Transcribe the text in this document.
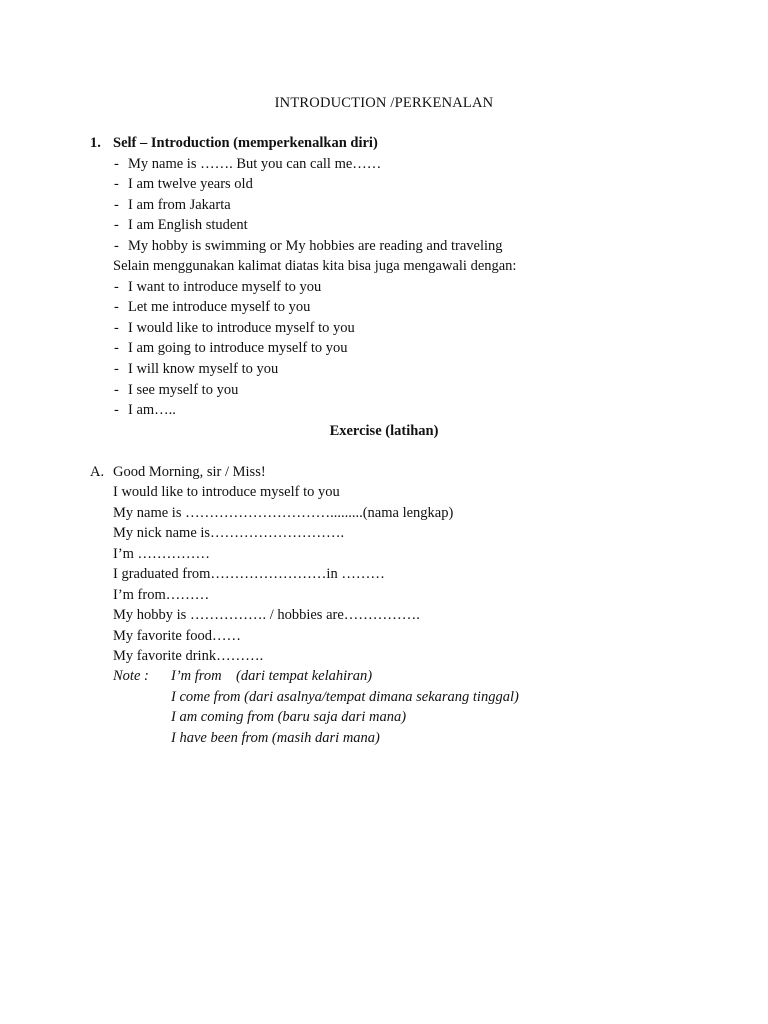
INTRODUCTION /PERKENALAN
1. Self – Introduction (memperkenalkan diri)
- My name is ……. But you can call me……
- I am twelve years old
- I am from Jakarta
- I am English student
- My hobby is swimming or My hobbies are reading and traveling
Selain menggunakan kalimat diatas kita bisa juga mengawali dengan:
- I want to introduce myself to you
- Let me introduce myself to you
- I would like to introduce myself to you
- I am going to introduce myself to you
- I will know myself to you
- I see myself to you
- I am…..
Exercise (latihan)
A. Good Morning, sir / Miss!
I would like to introduce myself to you
My name is ………………………….........(nama lengkap)
My nick name is……………………….
I’m ……………
I graduated from……………………in ………
I’m from………
My hobby is ……………. / hobbies are…………….
My favorite food……
My favorite drink……….
Note : I’m from (dari tempat kelahiran)
I come from (dari asalnya/tempat dimana sekarang tinggal)
I am coming from (baru saja dari mana)
I have been from (masih dari mana)
